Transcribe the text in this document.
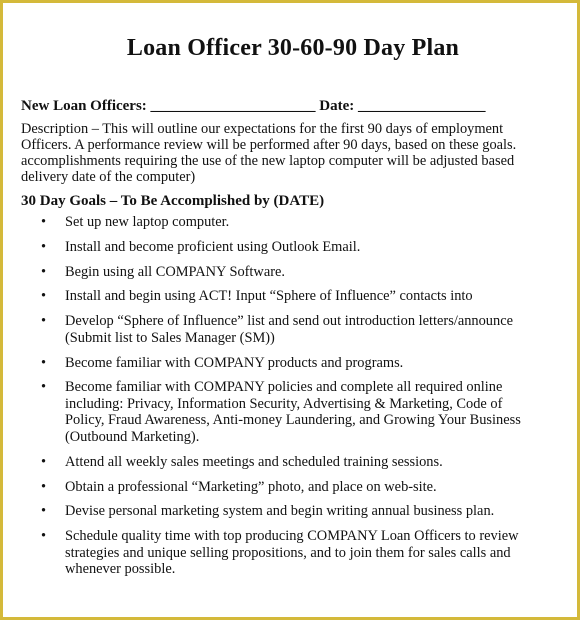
Loan Officer 30-60-90 Day Plan
New Loan Officers: ______________________ Date: _________________
Description – This will outline our expectations for the first 90 days of employment
Officers. A performance review will be performed after 90 days, based on these goals.
accomplishments requiring the use of the new laptop computer will be adjusted based
delivery date of the computer)
30 Day Goals – To Be Accomplished by (DATE)
• Set up new laptop computer.
• Install and become proficient using Outlook Email.
• Begin using all COMPANY Software.
• Install and begin using ACT! Input “Sphere of Influence” contacts into
• Develop “Sphere of Influence” list and send out introduction letters/announce
(Submit list to Sales Manager (SM))
• Become familiar with COMPANY products and programs.
• Become familiar with COMPANY policies and complete all required online
including: Privacy, Information Security, Advertising & Marketing, Code of
Policy, Fraud Awareness, Anti-money Laundering, and Growing Your Business
(Outbound Marketing).
• Attend all weekly sales meetings and scheduled training sessions.
• Obtain a professional “Marketing” photo, and place on web-site.
• Devise personal marketing system and begin writing annual business plan.
• Schedule quality time with top producing COMPANY Loan Officers to review
strategies and unique selling propositions, and to join them for sales calls and
whenever possible.
